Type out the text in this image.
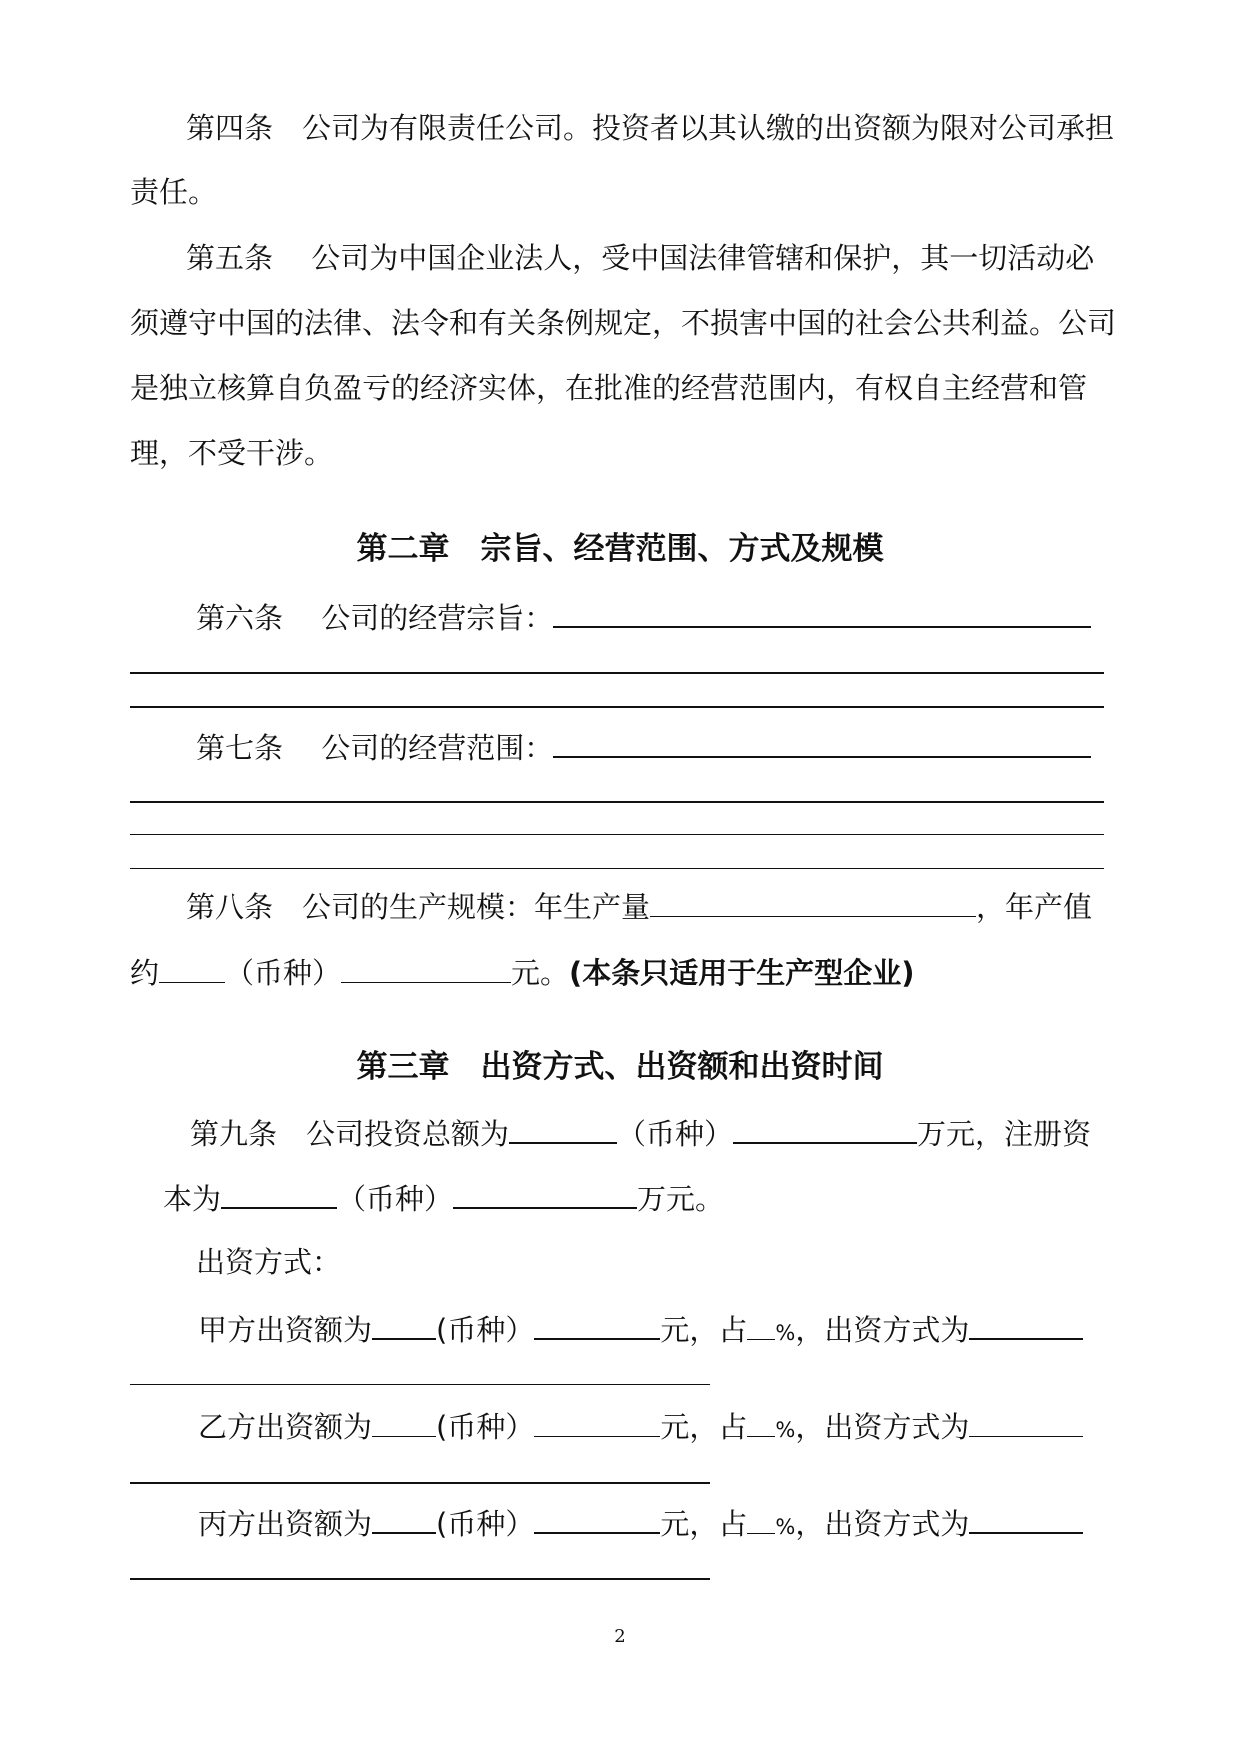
第四条　公司为有限责任公司。投资者以其认缴的出资额为限对公司承担
责任。
第五条　 公司为中国企业法人，受中国法律管辖和保护，其一切活动必
须遵守中国的法律、法令和有关条例规定，不损害中国的社会公共利益。公司
是独立核算自负盈亏的经济实体，在批准的经营范围内，有权自主经营和管
理，不受干涉。
第二章　宗旨、经营范围、方式及规模
第六条　 公司的经营宗旨：
第七条　 公司的经营范围：
第八条　公司的生产规模：年生产量	，年产值
约 （币种）	元。(本条只适用于生产型企业)
第三章　出资方式、出资额和出资时间
第九条　公司投资总额为	（币种）	万元，注册资
本为	（币种）	万元。
出资方式：
甲方出资额为 (币种）	元，占 %，出资方式为
乙方出资额为 (币种）	元，占 %，出资方式为
丙方出资额为 (币种）	元，占 %，出资方式为
2
